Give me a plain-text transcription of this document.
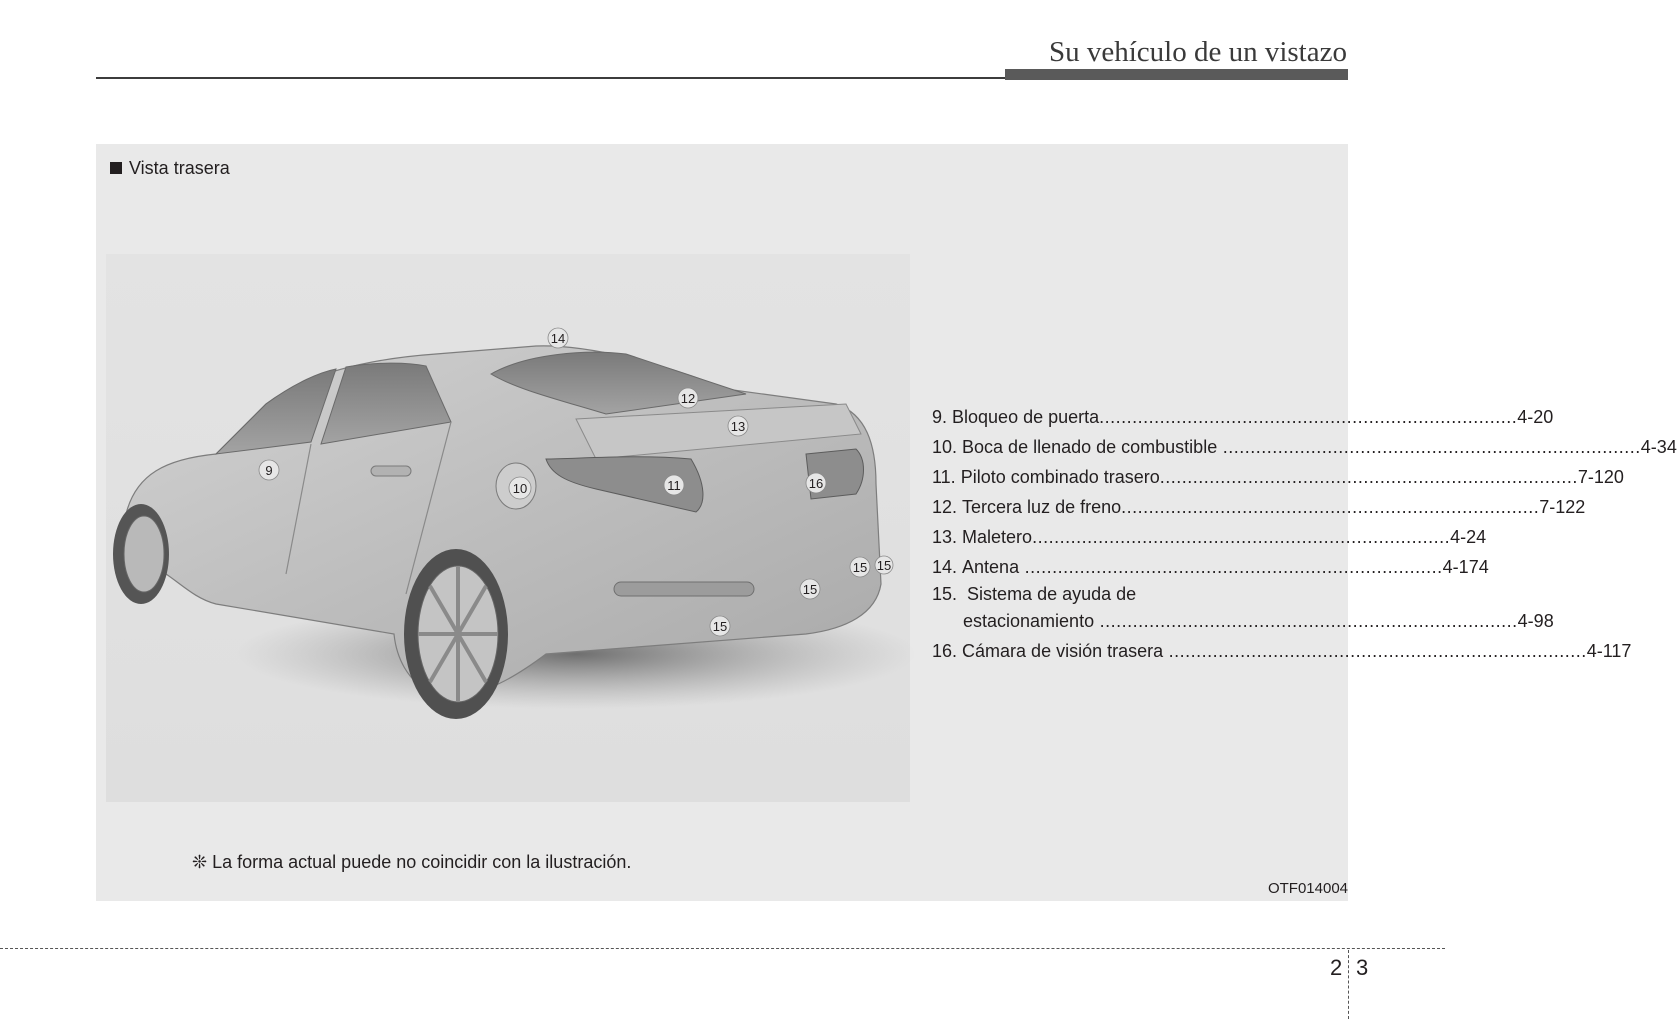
Su vehículo de un vistazo
Vista trasera
14
12
13
9
10	11	16
15 15
15
15
9. Bloqueo de puerta ............................................................................ 4-20
10. Boca de llenado de combustible ............................................................................ 4-34
11. Piloto combinado trasero ............................................................................ 7-120
12. Tercera luz de freno ............................................................................ 7-122
13. Maletero ............................................................................ 4-24
14. Antena ............................................................................ 4-174
15. Sistema de ayuda de
estacionamiento ............................................................................ 4-98
16. Cámara de visión trasera ............................................................................ 4-117
❊ La forma actual puede no coincidir con la ilustración.
OTF014004
2 3
